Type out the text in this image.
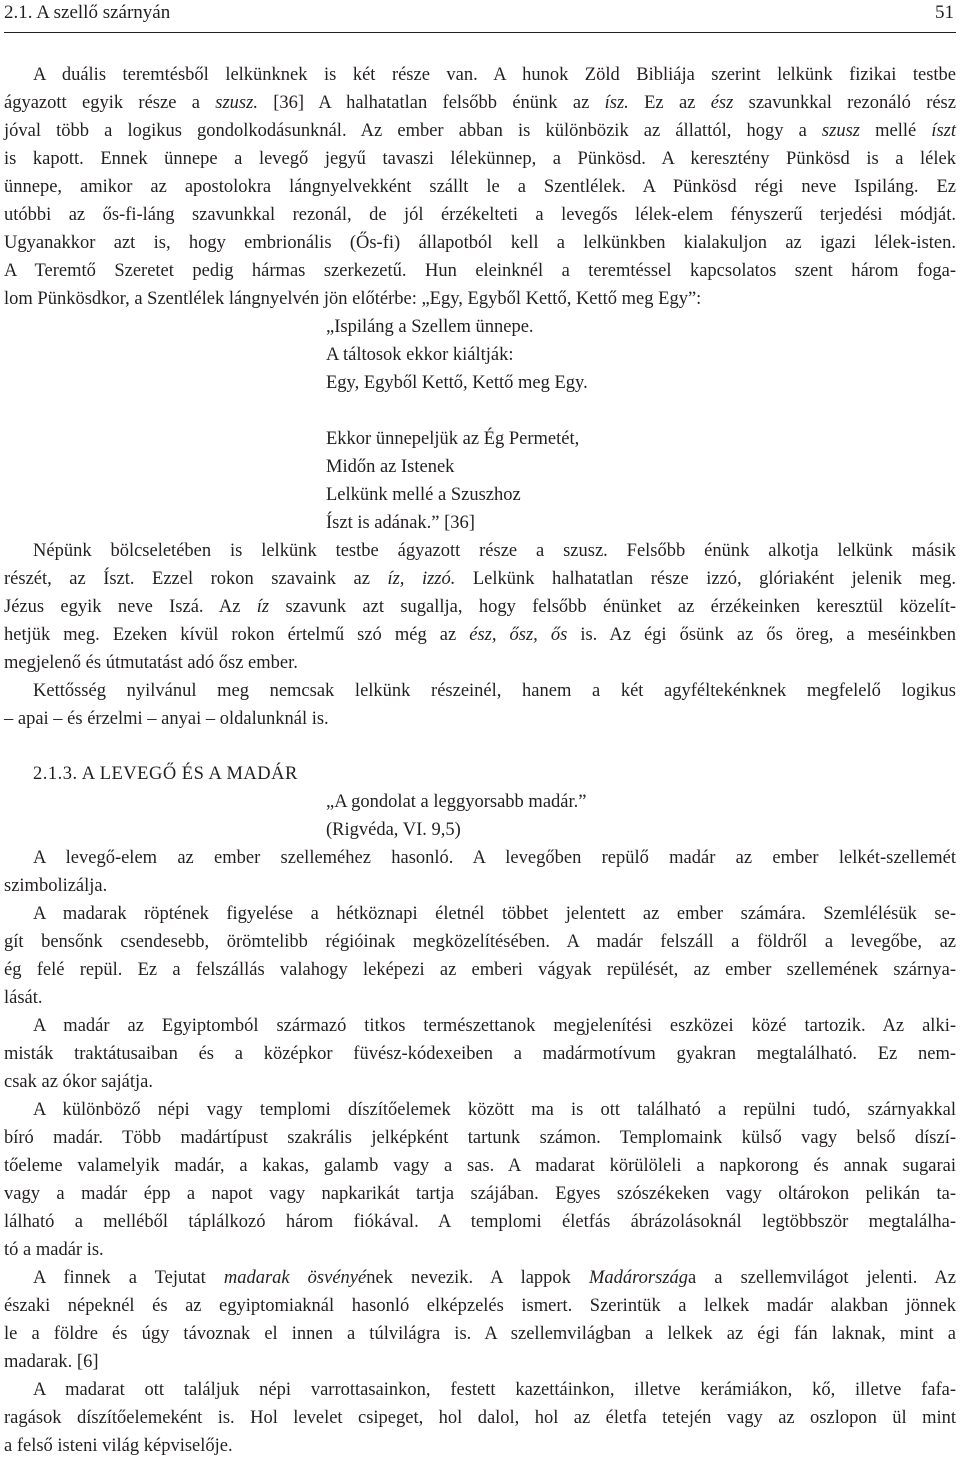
2.1. A szellő szárnyán	51
A duális teremtésből lelkünknek is két része van. A hunok Zöld Bibliája szerint lelkünk fizikai testbe
ágyazott egyik része a szusz. [36] A halhatatlan felsőbb énünk az ísz. Ez az ész szavunkkal rezonáló rész
jóval több a logikus gondolkodásunknál. Az ember abban is különbözik az állattól, hogy a szusz mellé íszt
is kapott. Ennek ünnepe a levegő jegyű tavaszi lélekünnep, a Pünkösd. A keresztény Pünkösd is a lélek
ünnepe, amikor az apostolokra lángnyelvekként szállt le a Szentlélek. A Pünkösd régi neve Ispiláng. Ez
utóbbi az ős-fi-láng szavunkkal rezonál, de jól érzékelteti a levegős lélek-elem fényszerű terjedési módját.
Ugyanakkor azt is, hogy embrionális (Ős-fi) állapotból kell a lelkünkben kialakuljon az igazi lélek-isten.
A Teremtő Szeretet pedig hármas szerkezetű. Hun eleinknél a teremtéssel kapcsolatos szent három foga-
lom Pünkösdkor, a Szentlélek lángnyelvén jön előtérbe: „Egy, Egyből Kettő, Kettő meg Egy”:
„Ispiláng a Szellem ünnepe.
A táltosok ekkor kiáltják:
Egy, Egyből Kettő, Kettő meg Egy.
Ekkor ünnepeljük az Ég Permetét,
Midőn az Istenek
Lelkünk mellé a Szuszhoz
Íszt is adának.” [36]
Népünk bölcseletében is lelkünk testbe ágyazott része a szusz. Felsőbb énünk alkotja lelkünk másik
részét, az Íszt. Ezzel rokon szavaink az íz, izzó. Lelkünk halhatatlan része izzó, glóriaként jelenik meg.
Jézus egyik neve Iszá. Az íz szavunk azt sugallja, hogy felsőbb énünket az érzékeinken keresztül közelít-
hetjük meg. Ezeken kívül rokon értelmű szó még az ész, ősz, ős is. Az égi ősünk az ős öreg, a meséinkben
megjelenő és útmutatást adó ősz ember.
Kettősség nyilvánul meg nemcsak lelkünk részeinél, hanem a két agyféltekénknek megfelelő logikus
– apai – és érzelmi – anyai – oldalunknál is.
2.1.3. A LEVEGŐ ÉS A MADÁR
„A gondolat a leggyorsabb madár.”
(Rigvéda, VI. 9,5)
A levegő-elem az ember szelleméhez hasonló. A levegőben repülő madár az ember lelkét-szellemét
szimbolizálja.
A madarak röptének figyelése a hétköznapi életnél többet jelentett az ember számára. Szemlélésük se-
gít bensőnk csendesebb, örömtelibb régióinak megközelítésében. A madár felszáll a földről a levegőbe, az
ég felé repül. Ez a felszállás valahogy leképezi az emberi vágyak repülését, az ember szellemének szárnya-
lását.
A madár az Egyiptomból származó titkos természettanok megjelenítési eszközei közé tartozik. Az alki-
misták traktátusaiban és a középkor füvész-kódexeiben a madármotívum gyakran megtalálható. Ez nem-
csak az ókor sajátja.
A különböző népi vagy templomi díszítőelemek között ma is ott található a repülni tudó, szárnyakkal
bíró madár. Több madártípust szakrális jelképként tartunk számon. Templomaink külső vagy belső díszí-
tőeleme valamelyik madár, a kakas, galamb vagy a sas. A madarat körülöleli a napkorong és annak sugarai
vagy a madár épp a napot vagy napkarikát tartja szájában. Egyes szószékeken vagy oltárokon pelikán ta-
lálható a melléből táplálkozó három fiókával. A templomi életfás ábrázolásoknál legtöbbször megtalálha-
tó a madár is.
A finnek a Tejutat madarak ösvényének nevezik. A lappok Madárországa a szellemvilágot jelenti. Az
északi népeknél és az egyiptomiaknál hasonló elképzelés ismert. Szerintük a lelkek madár alakban jönnek
le a földre és úgy távoznak el innen a túlvilágra is. A szellemvilágban a lelkek az égi fán laknak, mint a
madarak. [6]
A madarat ott találjuk népi varrottasainkon, festett kazettáinkon, illetve kerámiákon, kő, illetve fafa-
ragások díszítőelemeként is. Hol levelet csipeget, hol dalol, hol az életfa tetején vagy az oszlopon ül mint
a felső isteni világ képviselője.
